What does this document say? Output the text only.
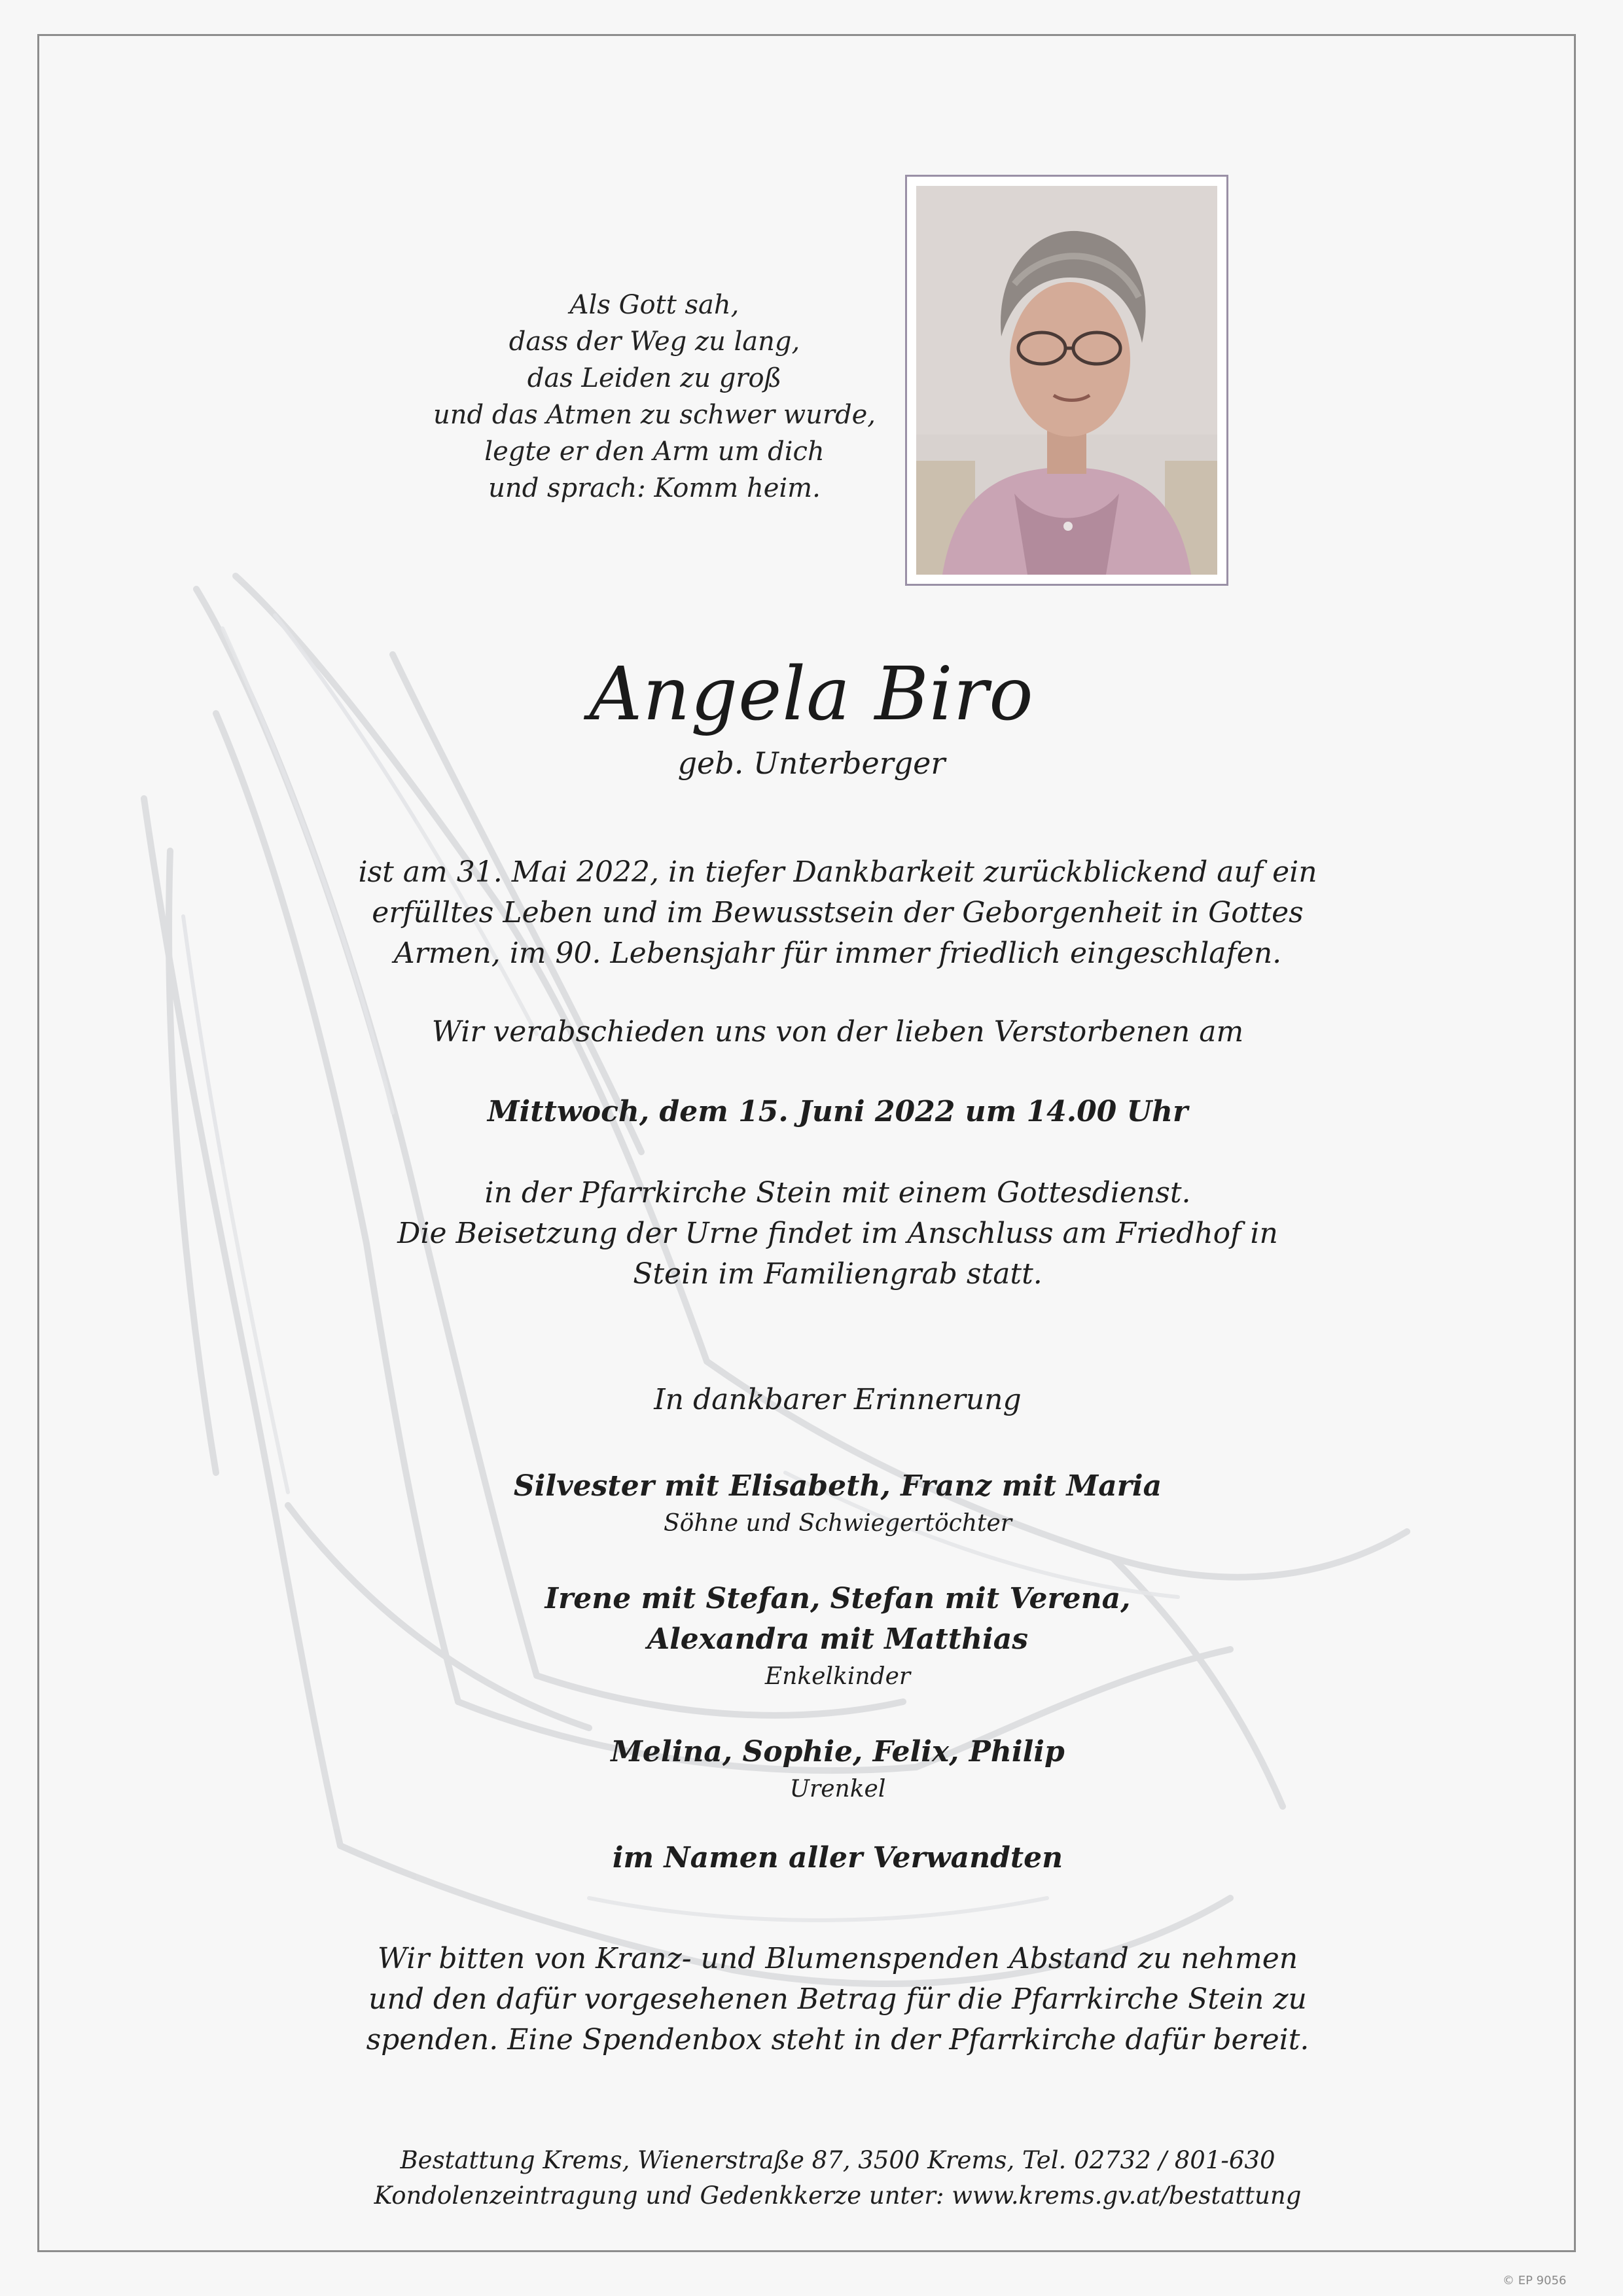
Als Gott sah,
dass der Weg zu lang,
das Leiden zu groß
und das Atmen zu schwer wurde,
legte er den Arm um dich
und sprach: Komm heim.
Angela Biro
geb. Unterberger
ist am 31. Mai 2022, in tiefer Dankbarkeit zurückblickend auf ein
erfülltes Leben und im Bewusstsein der Geborgenheit in Gottes
Armen, im 90. Lebensjahr für immer friedlich eingeschlafen.
Wir verabschieden uns von der lieben Verstorbenen am
Mittwoch, dem 15. Juni 2022 um 14.00 Uhr
in der Pfarrkirche Stein mit einem Gottesdienst.
Die Beisetzung der Urne findet im Anschluss am Friedhof in
Stein im Familiengrab statt.
In dankbarer Erinnerung
Silvester mit Elisabeth, Franz mit Maria
Söhne und Schwiegertöchter
Irene mit Stefan, Stefan mit Verena,
Alexandra mit Matthias
Enkelkinder
Melina, Sophie, Felix, Philip
Urenkel
im Namen aller Verwandten
Wir bitten von Kranz- und Blumenspenden Abstand zu nehmen
und den dafür vorgesehenen Betrag für die Pfarrkirche Stein zu
spenden. Eine Spendenbox steht in der Pfarrkirche dafür bereit.
Bestattung Krems, Wienerstraße 87, 3500 Krems, Tel. 02732 / 801-630
Kondolenzeintragung und Gedenkkerze unter: www.krems.gv.at/bestattung
© EP 9056
